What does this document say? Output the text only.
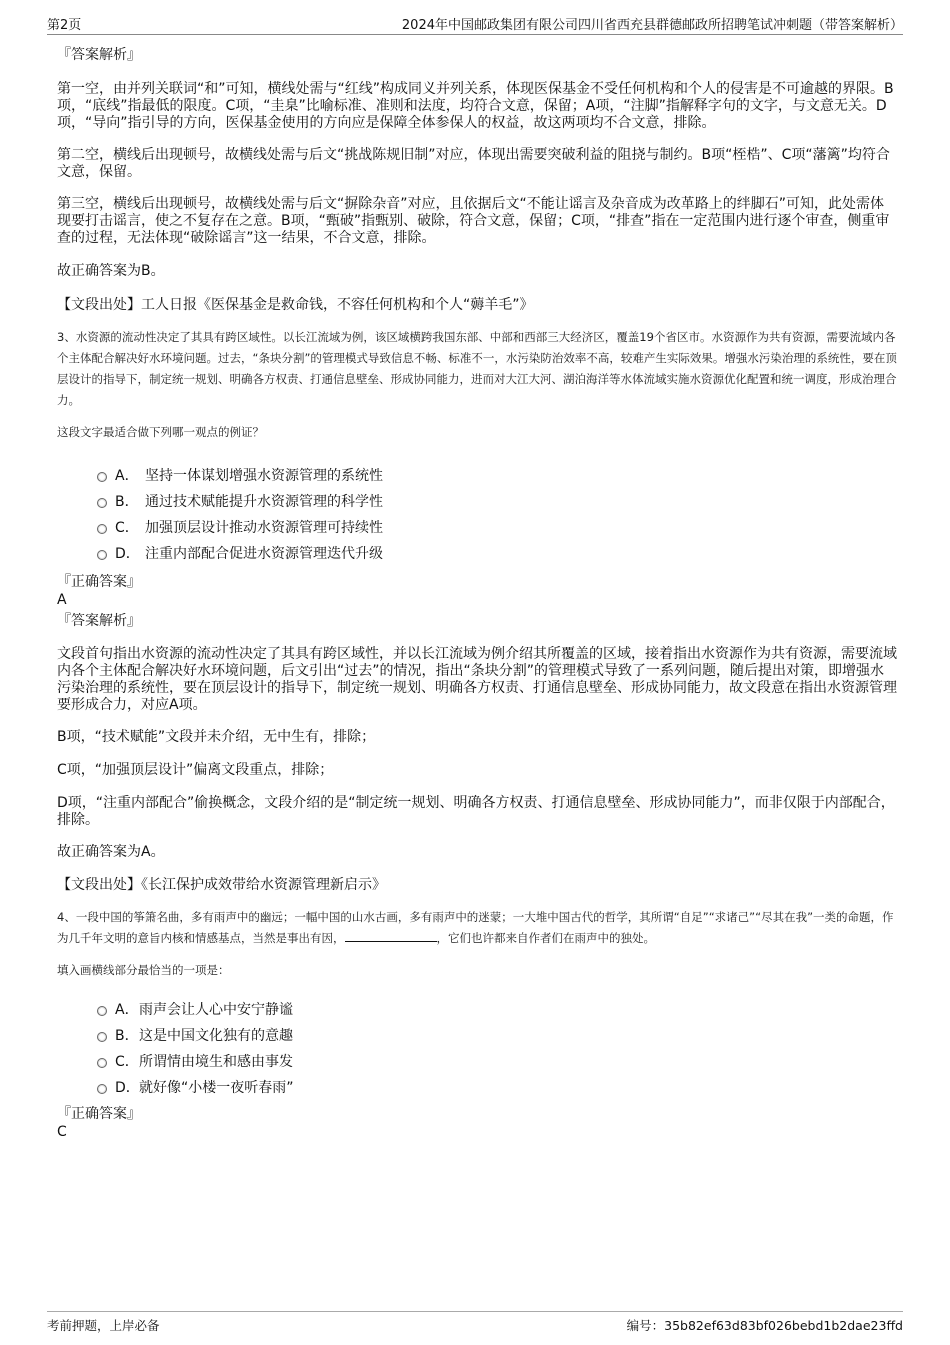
第2页	2024年中国邮政集团有限公司四川省西充县群德邮政所招聘笔试冲刺题（带答案解析）

『答案解析』

第一空，由并列关联词“和”可知，横线处需与“红线”构成同义并列关系，体现医保基金不受任何机构和个人的侵害是不可逾越的界限。B项，“底线”指最低的限度。C项，“圭臬”比喻标准、准则和法度，均符合文意，保留；A项，“注脚”指解释字句的文字，与文意无关。D项，“导向”指引导的方向，医保基金使用的方向应是保障全体参保人的权益，故这两项均不合文意，排除。

第二空，横线后出现顿号，故横线处需与后文“挑战陈规旧制”对应，体现出需要突破利益的阻挠与制约。B项“桎梏”、C项“藩篱”均符合文意，保留。

第三空，横线后出现顿号，故横线处需与后文“摒除杂音”对应，且依据后文“不能让谣言及杂音成为改革路上的绊脚石”可知，此处需体现要打击谣言，使之不复存在之意。B项，“甄破”指甄别、破除，符合文意，保留；C项，“排查”指在一定范围内进行逐个审查，侧重审查的过程，无法体现“破除谣言”这一结果，不合文意，排除。

故正确答案为B。

【文段出处】工人日报《医保基金是救命钱，不容任何机构和个人“薅羊毛”》

3、水资源的流动性决定了其具有跨区域性。以长江流域为例，该区域横跨我国东部、中部和西部三大经济区，覆盖19个省区市。水资源作为共有资源，需要流域内各个主体配合解决好水环境问题。过去，“条块分割”的管理模式导致信息不畅、标准不一，水污染防治效率不高，较难产生实际效果。增强水污染治理的系统性，要在顶层设计的指导下，制定统一规划、明确各方权责、打通信息壁垒、形成协同能力，进而对大江大河、湖泊海洋等水体流域实施水资源优化配置和统一调度，形成治理合力。

这段文字最适合做下列哪一观点的例证？

A． 坚持一体谋划增强水资源管理的系统性
B． 通过技术赋能提升水资源管理的科学性
C． 加强顶层设计推动水资源管理可持续性
D． 注重内部配合促进水资源管理迭代升级

『正确答案』

A

『答案解析』

文段首句指出水资源的流动性决定了其具有跨区域性，并以长江流域为例介绍其所覆盖的区域，接着指出水资源作为共有资源，需要流域内各个主体配合解决好水环境问题，后文引出“过去”的情况，指出“条块分割”的管理模式导致了一系列问题，随后提出对策，即增强水污染治理的系统性，要在顶层设计的指导下，制定统一规划、明确各方权责、打通信息壁垒、形成协同能力，故文段意在指出水资源管理要形成合力，对应A项。

B项，“技术赋能”文段并未介绍，无中生有，排除；

C项，“加强顶层设计”偏离文段重点，排除；

D项，“注重内部配合”偷换概念，文段介绍的是“制定统一规划、明确各方权责、打通信息壁垒、形成协同能力”，而非仅限于内部配合，排除。

故正确答案为A。

【文段出处】《长江保护成效带给水资源管理新启示》

4、一段中国的筝箫名曲，多有雨声中的幽远；一幅中国的山水古画，多有雨声中的迷蒙；一大堆中国古代的哲学，其所谓“自足”“求诸己”“尽其在我”一类的命题，作为几千年文明的意旨内核和情感基点，当然是事出有因，	，它们也许都来自作者们在雨声中的独处。

填入画横线部分最恰当的一项是：

A． 雨声会让人心中安宁静谧
B． 这是中国文化独有的意趣
C． 所谓情由境生和感由事发
D． 就好像“小楼一夜听春雨”

『正确答案』

C

考前押题，上岸必备	编号：35b82ef63d83bf026bebd1b2dae23ffd
